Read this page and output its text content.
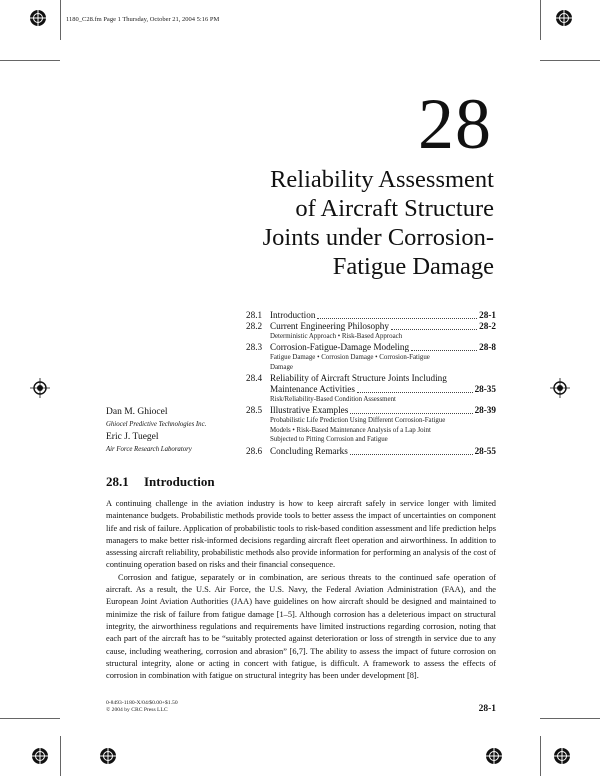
1180_C28.fm Page 1 Thursday, October 21, 2004 5:16 PM
28
Reliability Assessment
of Aircraft Structure
Joints under Corrosion-
Fatigue Damage
28.1 Introduction	28-1
28.2 Current Engineering Philosophy	28-2
Deterministic Approach • Risk-Based Approach
28.3 Corrosion-Fatigue-Damage Modeling	28-8
Fatigue Damage • Corrosion Damage • Corrosion-Fatigue
Damage
28.4 Reliability of Aircraft Structure Joints Including
Maintenance Activities	28-35
Risk/Reliability-Based Condition Assessment
28.5 Illustrative Examples	28-39
Probabilistic Life Prediction Using Different Corrosion-Fatigue
Models • Risk-Based Maintenance Analysis of a Lap Joint
Subjected to Pitting Corrosion and Fatigue
28.6 Concluding Remarks	28-55
Dan M. Ghiocel
Ghiocel Predictive Technologies Inc.
Eric J. Tuegel
Air Force Research Laboratory
28.1 Introduction

A continuing challenge in the aviation industry is how to keep aircraft safely in service longer with limited maintenance budgets. Probabilistic methods provide tools to better assess the impact of uncertainties on component life and risk of failure. Application of probabilistic tools to risk-based condition assessment and life prediction helps managers to make better risk-informed decisions regarding aircraft fleet operation and airworthiness. In addition to assessing aircraft reliability, probabilistic methods also provide information for performing an analysis of the cost of continuing operation based on risks and their financial consequence.

Corrosion and fatigue, separately or in combination, are serious threats to the continued safe operation of aircraft. As a result, the U.S. Air Force, the U.S. Navy, the Federal Aviation Administration (FAA), and the European Joint Aviation Authorities (JAA) have guidelines on how aircraft should be designed and maintained to minimize the risk of failure from fatigue damage [1–5]. Although corrosion has a deleterious impact on structural integrity, the airworthiness regulations and requirements have limited instructions regarding corrosion, noting that each part of the aircraft has to be “suitably protected against deterioration or loss of strength in service due to any cause, including weathering, corrosion and abrasion” [6,7]. The ability to assess the impact of future corrosion on structural integrity, alone or acting in concert with fatigue, is difficult. A framework to assess the effects of corrosion in combination with fatigue on structural integrity has been under development [8].

0-8493-1180-X/04/$0.00+$1.50
© 2004 by CRC Press LLC	28-1
